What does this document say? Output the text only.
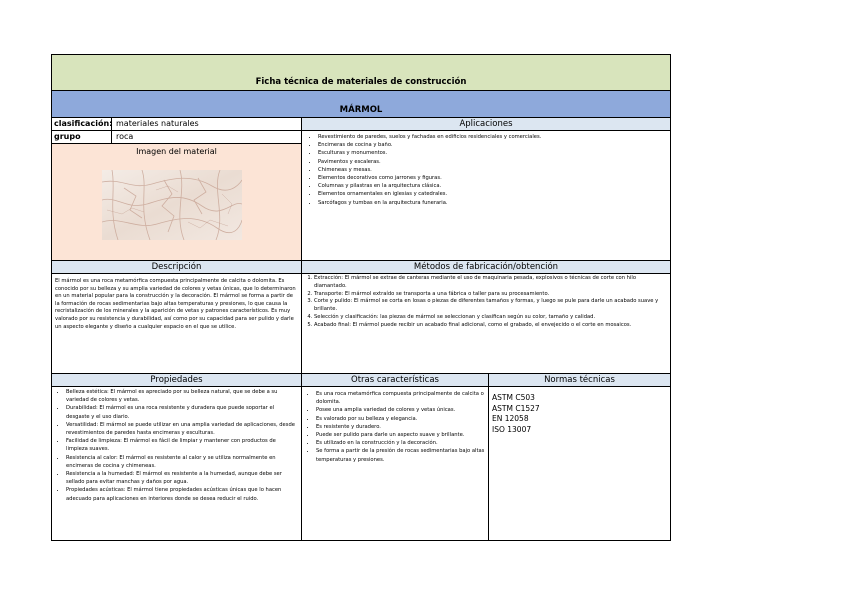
Ficha técnica de materiales de construcción
MÁRMOL
clasificación: materiales naturales
grupo	roca
Imagen del material
Aplicaciones
• Revestimiento de paredes, suelos y fachadas en edificios residenciales y comerciales.
• Encimeras de cocina y baño.
• Esculturas y monumentos.
• Pavimentos y escaleras.
• Chimeneas y mesas.
• Elementos decorativos como jarrones y figuras.
• Columnas y pilastras en la arquitectura clásica.
• Elementos ornamentales en iglesias y catedrales.
• Sarcófagos y tumbas en la arquitectura funeraria.
Descripción
El mármol es una roca metamórfica compuesta principalmente de calcita o dolomita. Es conocido por su belleza y su amplia variedad de colores y vetas únicas, que lo determinaron en un material popular para la construcción y la decoración. El mármol se forma a partir de la formación de rocas sedimentarias bajo altas temperaturas y presiones, lo que causa la recristalización de los minerales y la aparición de vetas y patrones característicos. Es muy valorado por su resistencia y durabilidad, así como por su capacidad para ser pulido y darle un aspecto elegante y diseño a cualquier espacio en el que se utilice.
Métodos de fabricación/obtención
1. Extracción: El mármol se extrae de canteras mediante el uso de maquinaria pesada, explosivos o técnicas de corte con hilo diamantado.
2. Transporte: El mármol extraído se transporta a una fábrica o taller para su procesamiento.
3. Corte y pulido: El mármol se corta en losas o piezas de diferentes tamaños y formas, y luego se pule para darle un acabado suave y brillante.
4. Selección y clasificación: las piezas de mármol se seleccionan y clasifican según su color, tamaño y calidad.
5. Acabado final: El mármol puede recibir un acabado final adicional, como el grabado, el envejecido o el corte en mosaicos.
Propiedades
• Belleza estética: El mármol es apreciado por su belleza natural, que se debe a su variedad de colores y vetas.
• Durabilidad: El mármol es una roca resistente y duradera que puede soportar el desgaste y el uso diario.
• Versatilidad: El mármol se puede utilizar en una amplia variedad de aplicaciones, desde revestimientos de paredes hasta encimeras y esculturas.
• Facilidad de limpieza: El mármol es fácil de limpiar y mantener con productos de limpieza suaves.
• Resistencia al calor: El mármol es resistente al calor y se utiliza normalmente en encimeras de cocina y chimeneas.
• Resistencia a la humedad: El mármol es resistente a la humedad, aunque debe ser sellado para evitar manchas y daños por agua.
• Propiedades acústicas: El mármol tiene propiedades acústicas únicas que lo hacen adecuado para aplicaciones en interiores donde se desea reducir el ruido.
Otras características
• Es una roca metamórfica compuesta principalmente de calcita o dolomita.
• Posee una amplia variedad de colores y vetas únicas.
• Es valorado por su belleza y elegancia.
• Es resistente y duradero.
• Puede ser pulido para darle un aspecto suave y brillante.
• Es utilizado en la construcción y la decoración.
• Se forma a partir de la presión de rocas sedimentarias bajo altas temperaturas y presiones.
Normas técnicas
ASTM C503
ASTM C1527
EN 12058
ISO 13007
